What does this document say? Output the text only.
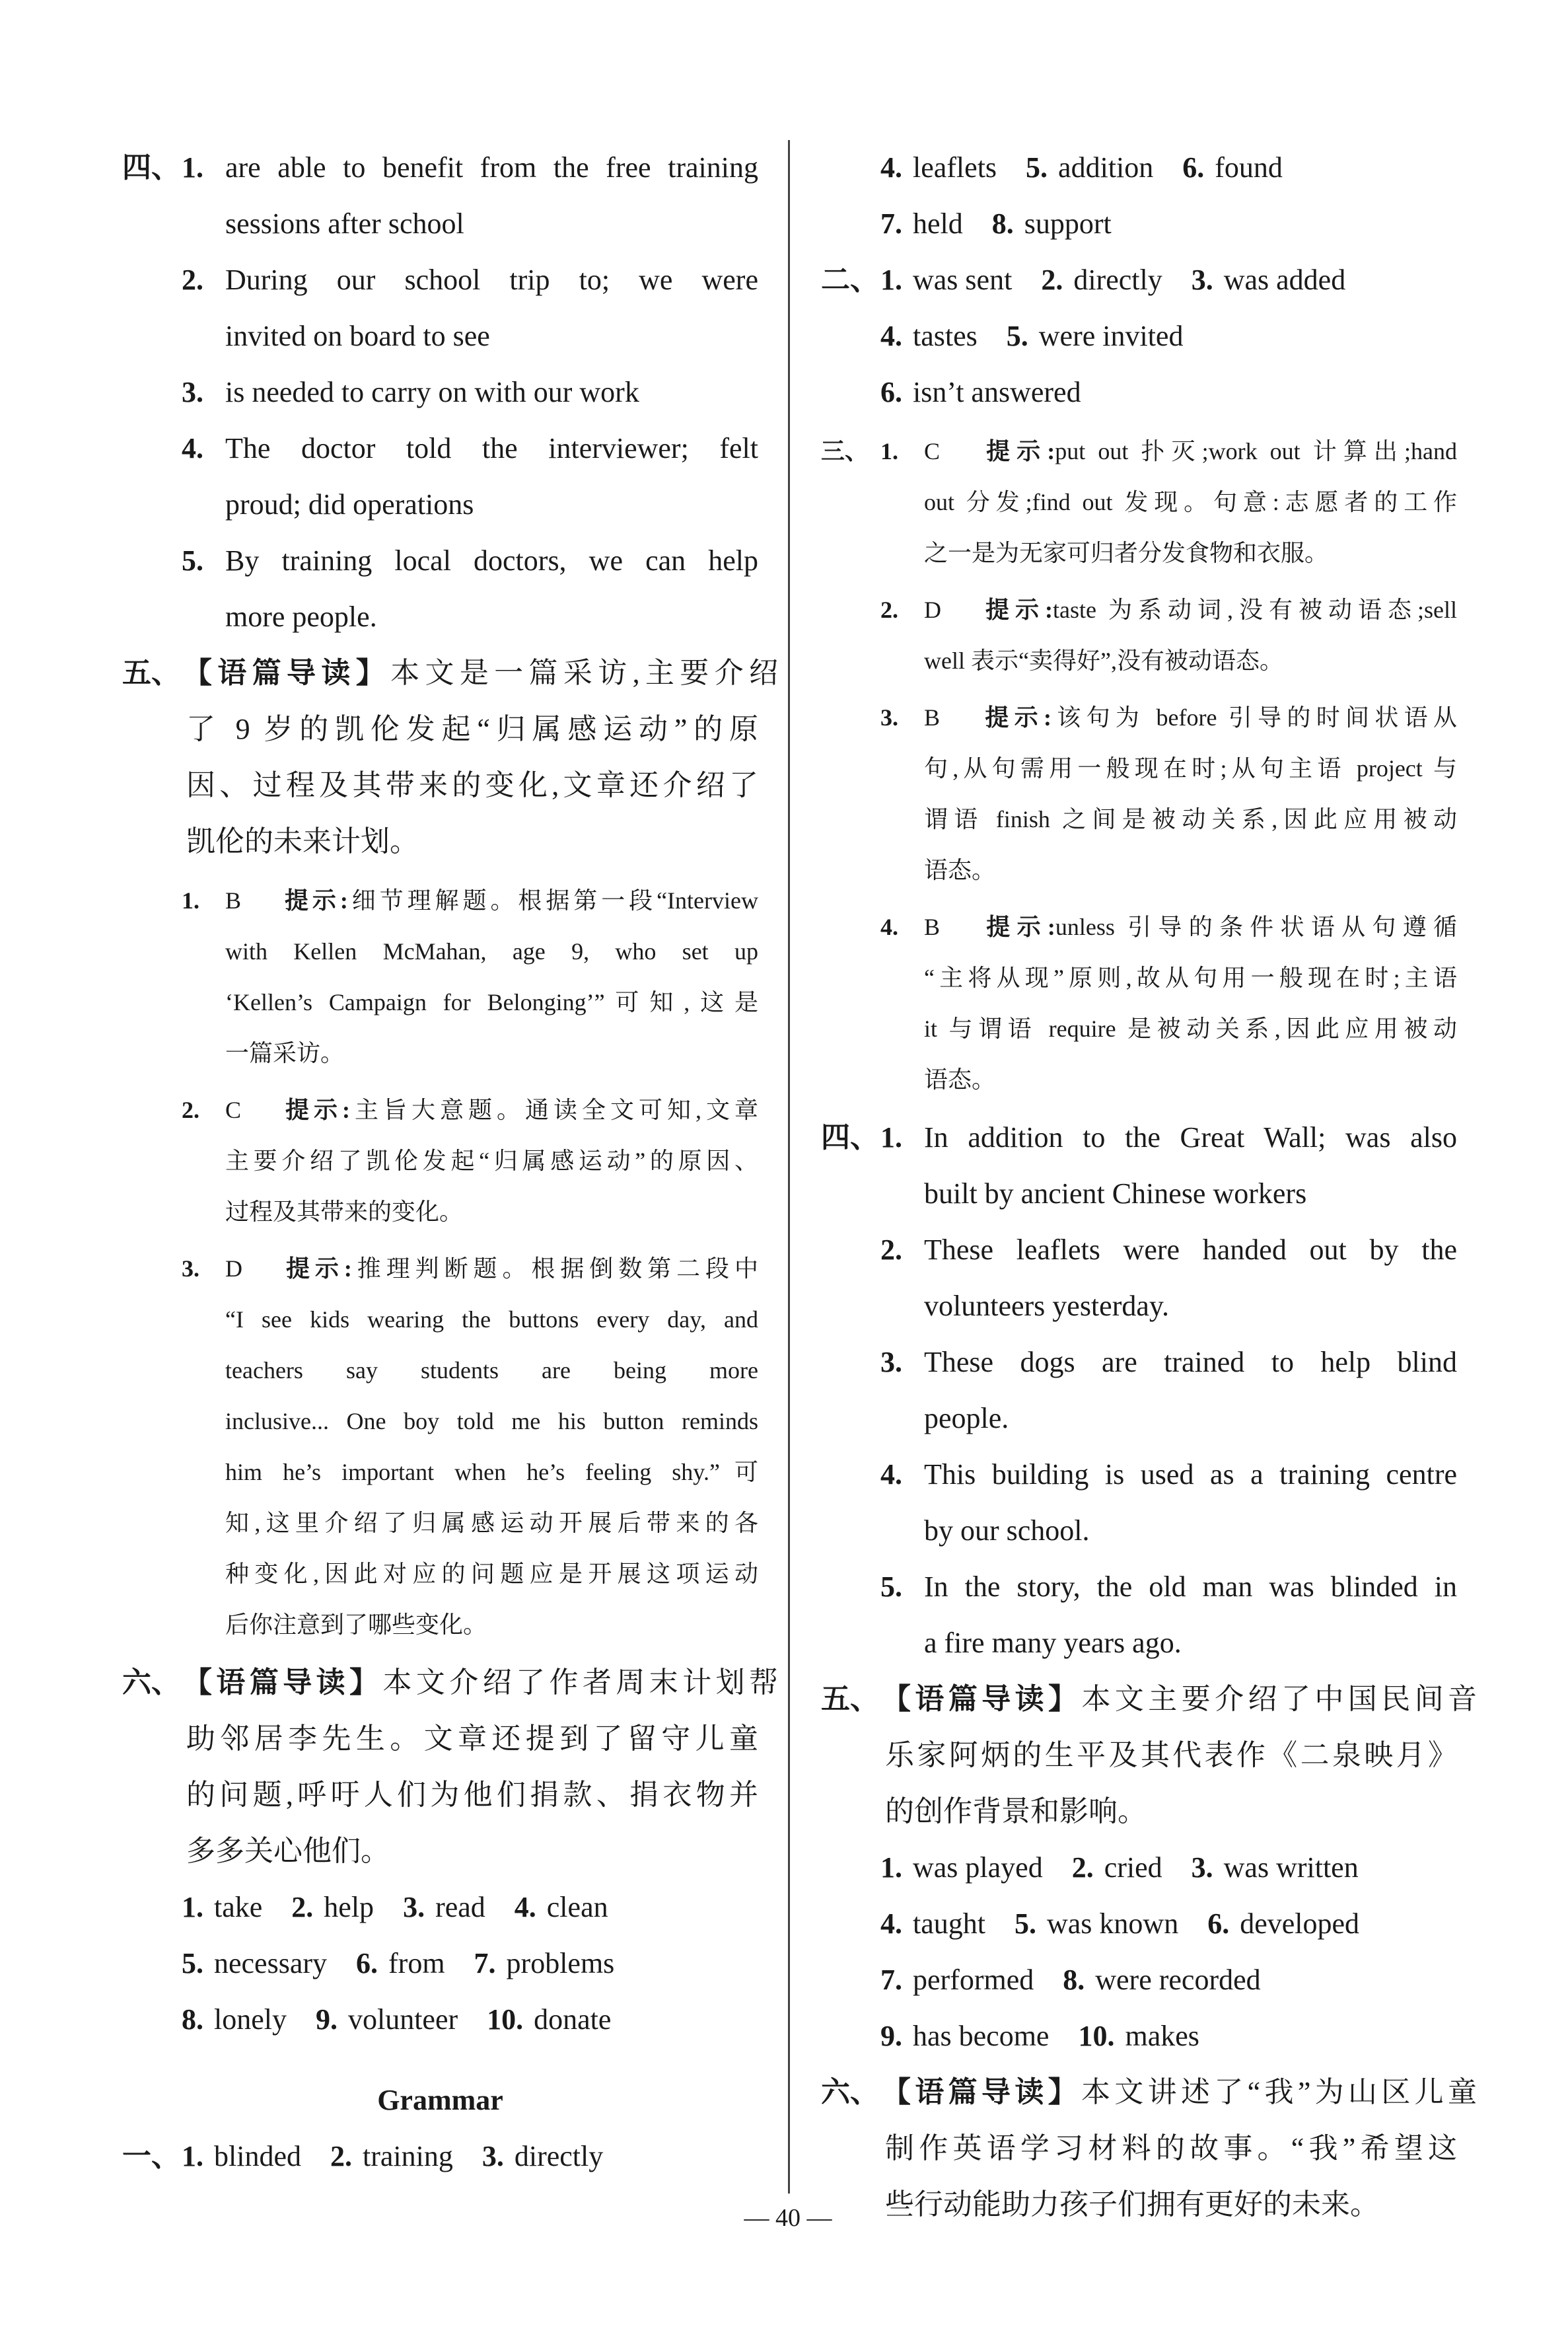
四、 1. are able to benefit from the free training
sessions after school
2. During our school trip to; we were
invited on board to see
3. is needed to carry on with our work
4. The doctor told the interviewer; felt
proud; did operations
5. By training local doctors, we can help
more people.
五、 【语篇导读】本文是一篇采访,主要介绍
了 9 岁的凯伦发起“归属感运动”的原
因、过程及其带来的变化,文章还介绍了
凯伦的未来计划。
1. B 提示:细节理解题。根据第一段“Interview
with Kellen McMahan, age 9, who set up
‘Kellen’s Campaign for Belonging’”可知,这是
一篇采访。
2. C 提示:主旨大意题。通读全文可知,文章
主要介绍了凯伦发起“归属感运动”的原因、
过程及其带来的变化。
3. D 提示:推理判断题。根据倒数第二段中
“I see kids wearing the buttons every day, and
teachers say students are being more
inclusive... One boy told me his button reminds
him he’s important when he’s feeling shy.”可
知,这里介绍了归属感运动开展后带来的各
种变化,因此对应的问题应是开展这项运动
后你注意到了哪些变化。
六、 【语篇导读】本文介绍了作者周末计划帮
助邻居李先生。文章还提到了留守儿童
的问题,呼吁人们为他们捐款、捐衣物并
多多关心他们。
1. take 2. help 3. read 4. clean
5. necessary 6. from 7. problems
8. lonely 9. volunteer 10. donate
Grammar
一、 1. blinded 2. training 3. directly
4. leaflets 5. addition 6. found
7. held 8. support
二、 1. was sent 2. directly 3. was added
4. tastes 5. were invited
6. isn’t answered
三、 1. C 提示:put out 扑灭;work out 计算出;hand
out 分发;find out 发现。句意:志愿者的工作
之一是为无家可归者分发食物和衣服。
2. D 提示:taste 为系动词,没有被动语态;sell
well 表示“卖得好”,没有被动语态。
3. B 提示:该句为 before 引导的时间状语从
句,从句需用一般现在时;从句主语 project 与
谓语 finish 之间是被动关系,因此应用被动
语态。
4. B 提示:unless 引导的条件状语从句遵循
“主将从现”原则,故从句用一般现在时;主语
it 与谓语 require 是被动关系,因此应用被动
语态。
四、 1. In addition to the Great Wall; was also
built by ancient Chinese workers
2. These leaflets were handed out by the
volunteers yesterday.
3. These dogs are trained to help blind
people.
4. This building is used as a training centre
by our school.
5. In the story, the old man was blinded in
a fire many years ago.
五、 【语篇导读】本文主要介绍了中国民间音
乐家阿炳的生平及其代表作《二泉映月》
的创作背景和影响。
1. was played 2. cried 3. was written
4. taught 5. was known 6. developed
7. performed 8. were recorded
9. has become 10. makes
六、 【语篇导读】本文讲述了“我”为山区儿童
制作英语学习材料的故事。“我”希望这
些行动能助力孩子们拥有更好的未来。
— 40 —
